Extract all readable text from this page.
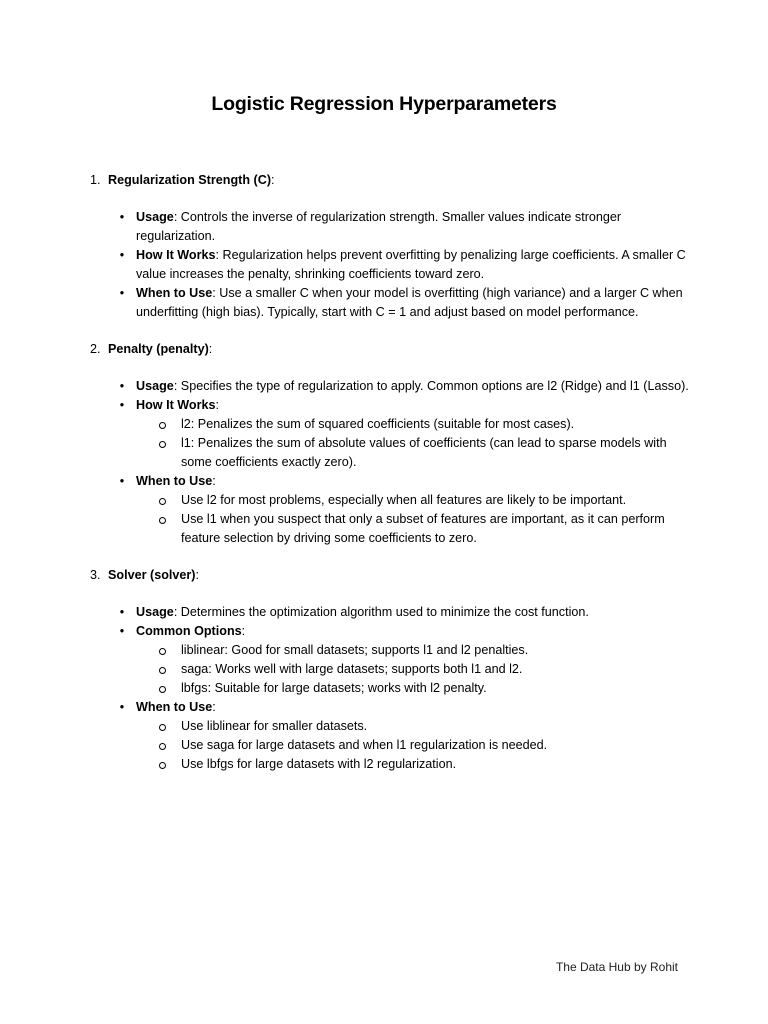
Logistic Regression Hyperparameters
1. Regularization Strength (C):
• Usage: Controls the inverse of regularization strength. Smaller values indicate stronger regularization.
• How It Works: Regularization helps prevent overfitting by penalizing large coefficients. A smaller C value increases the penalty, shrinking coefficients toward zero.
• When to Use: Use a smaller C when your model is overfitting (high variance) and a larger C when underfitting (high bias). Typically, start with C = 1 and adjust based on model performance.
2. Penalty (penalty):
• Usage: Specifies the type of regularization to apply. Common options are l2 (Ridge) and l1 (Lasso).
• How It Works:
l2: Penalizes the sum of squared coefficients (suitable for most cases).
l1: Penalizes the sum of absolute values of coefficients (can lead to sparse models with some coefficients exactly zero).
• When to Use:
Use l2 for most problems, especially when all features are likely to be important.
Use l1 when you suspect that only a subset of features are important, as it can perform feature selection by driving some coefficients to zero.
3. Solver (solver):
• Usage: Determines the optimization algorithm used to minimize the cost function.
• Common Options:
liblinear: Good for small datasets; supports l1 and l2 penalties.
saga: Works well with large datasets; supports both l1 and l2.
lbfgs: Suitable for large datasets; works with l2 penalty.
• When to Use:
Use liblinear for smaller datasets.
Use saga for large datasets and when l1 regularization is needed.
Use lbfgs for large datasets with l2 regularization.
The Data Hub by Rohit
